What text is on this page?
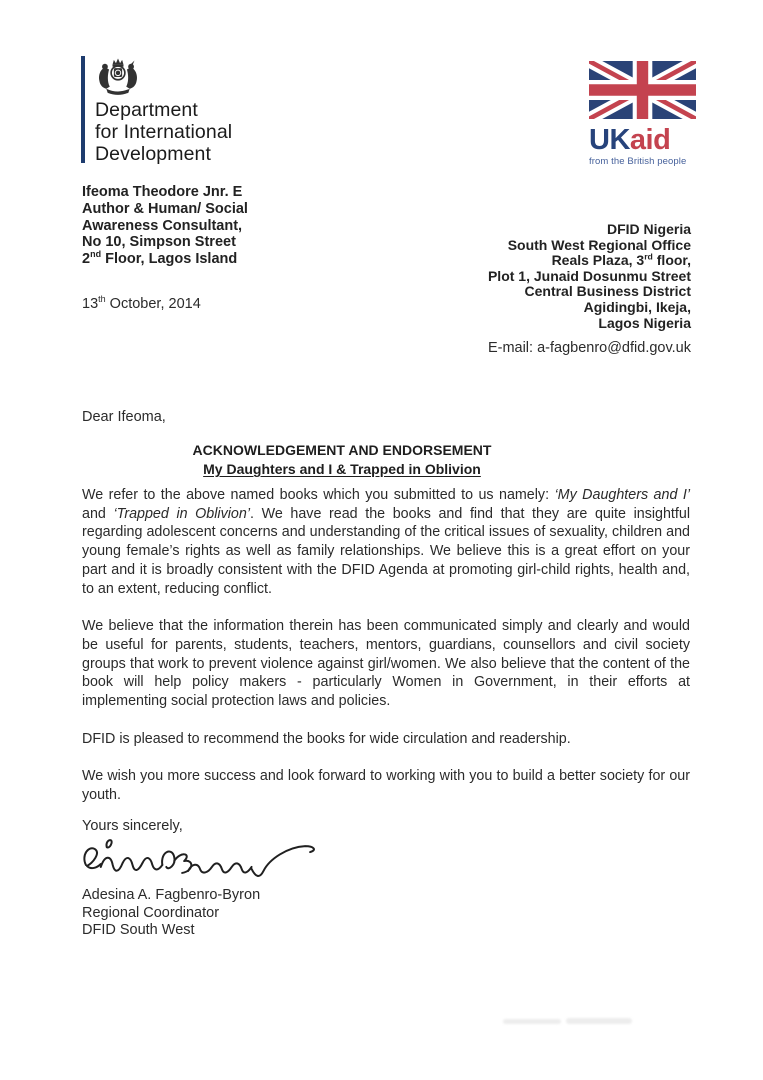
Department
for International
Development	UKaid
from the British people
Ifeoma Theodore Jnr. E
Author & Human/ Social
Awareness Consultant,
No 10, Simpson Street
2nd Floor, Lagos Island
13th October, 2014
DFID Nigeria
South West Regional Office
Reals Plaza, 3rd floor,
Plot 1, Junaid Dosunmu Street
Central Business District
Agidingbi, Ikeja,
Lagos Nigeria
E-mail: a-fagbenro@dfid.gov.uk
Dear Ifeoma,
ACKNOWLEDGEMENT AND ENDORSEMENT
My Daughters and I & Trapped in Oblivion

We refer to the above named books which you submitted to us namely: ‘My Daughters and I’ and ‘Trapped in Oblivion’. We have read the books and find that they are quite insightful regarding adolescent concerns and understanding of the critical issues of sexuality, children and young female’s rights as well as family relationships. We believe this is a great effort on your part and it is broadly consistent with the DFID Agenda at promoting girl-child rights, health and, to an extent, reducing conflict.

We believe that the information therein has been communicated simply and clearly and would be useful for parents, students, teachers, mentors, guardians, counsellors and civil society groups that work to prevent violence against girl/women. We also believe that the content of the book will help policy makers - particularly Women in Government, in their efforts at implementing social protection laws and policies.

DFID is pleased to recommend the books for wide circulation and readership.

We wish you more success and look forward to working with you to build a better society for our youth.

Yours sincerely,
Adesina A. Fagbenro-Byron
Regional Coordinator
DFID South West
